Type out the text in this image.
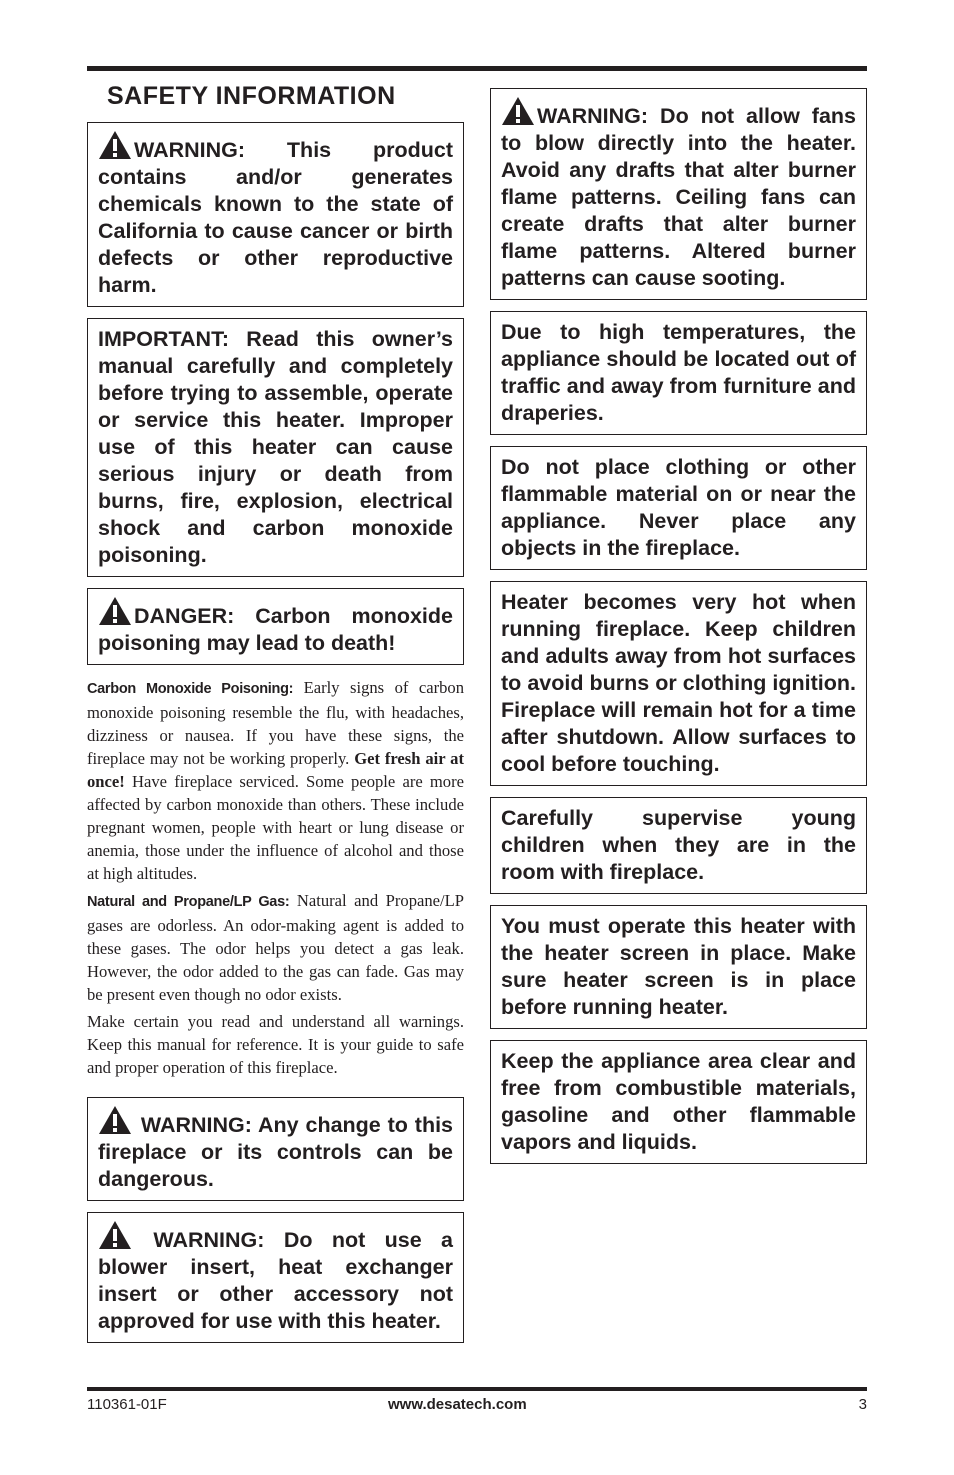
SAFETY INFORMATION
WARNING: This product contains and/or generates chemicals known to the state of California to cause cancer or birth defects or other reproductive harm.
IMPORTANT: Read this owner’s manual carefully and completely before trying to assemble, operate or service this heater. Improper use of this heater can cause serious injury or death from burns, fire, explosion, electrical shock and carbon monoxide poisoning.
DANGER: Carbon monoxide poisoning may lead to death!

Carbon Monoxide Poisoning: Early signs of carbon monoxide poisoning resemble the flu, with headaches, dizziness or nausea. If you have these signs, the fireplace may not be working properly. Get fresh air at once! Have fireplace serviced. Some people are more affected by carbon monoxide than others. These include pregnant women, people with heart or lung disease or anemia, those under the influence of alcohol and those at high altitudes.

Natural and Propane/LP Gas: Natural and Propane/LP gases are odorless. An odor-making agent is added to these gases. The odor helps you detect a gas leak. However, the odor added to the gas can fade. Gas may be present even though no odor exists.

Make certain you read and understand all warnings. Keep this manual for reference. It is your guide to safe and proper operation of this fireplace.

WARNING: Any change to this fireplace or its controls can be dangerous.
WARNING: Do not use a blower insert, heat exchanger insert or other accessory not approved for use with this heater.
WARNING: Do not allow fans to blow directly into the heater. Avoid any drafts that alter burner flame patterns. Ceiling fans can create drafts that alter burner flame patterns. Altered burner patterns can cause sooting.
Due to high temperatures, the appliance should be located out of traffic and away from furniture and draperies.
Do not place clothing or other flammable material on or near the appliance. Never place any objects in the fireplace.
Heater becomes very hot when running fireplace. Keep children and adults away from hot surfaces to avoid burns or clothing ignition. Fireplace will remain hot for a time after shutdown. Allow surfaces to cool before touching.
Carefully supervise young children when they are in the room with fireplace.
You must operate this heater with the heater screen in place. Make sure heater screen is in place before running heater.
Keep the appliance area clear and free from combustible materials, gasoline and other flammable vapors and liquids.
110361-01F	www.desatech.com	3
